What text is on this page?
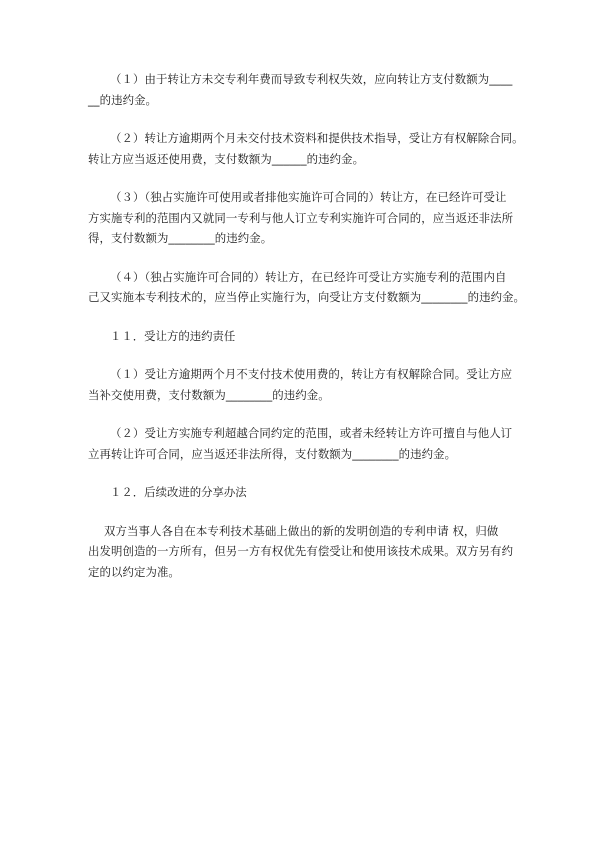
（１）由于转让方未交专利年费而导致专利权失效，应向转让方支付数额为____

__的违约金。

（２）转让方逾期两个月未交付技术资料和提供技术指导，受让方有权解除合同。

转让方应当返还使用费，支付数额为______的违约金。

（３）（独占实施许可使用或者排他实施许可合同的）转让方，在已经许可受让

方实施专利的范围内又就同一专利与他人订立专利实施许可合同的，应当返还非法所

得，支付数额为________的违约金。

（４）（独占实施许可合同的）转让方，在已经许可受让方实施专利的范围内自

己又实施本专利技术的，应当停止实施行为，向受让方支付数额为________的违约金。

１１．受让方的违约责任

（１）受让方逾期两个月不支付技术使用费的，转让方有权解除合同。受让方应

当补交使用费，支付数额为________的违约金。

（２）受让方实施专利超越合同约定的范围，或者未经转让方许可擅自与他人订

立再转让许可合同，应当返还非法所得，支付数额为________的违约金。

１２．后续改进的分享办法

双方当事人各自在本专利技术基础上做出的新的发明创造的专利申请 权，归做

出发明创造的一方所有，但另一方有权优先有偿受让和使用该技术成果。双方另有约

定的以约定为准。
